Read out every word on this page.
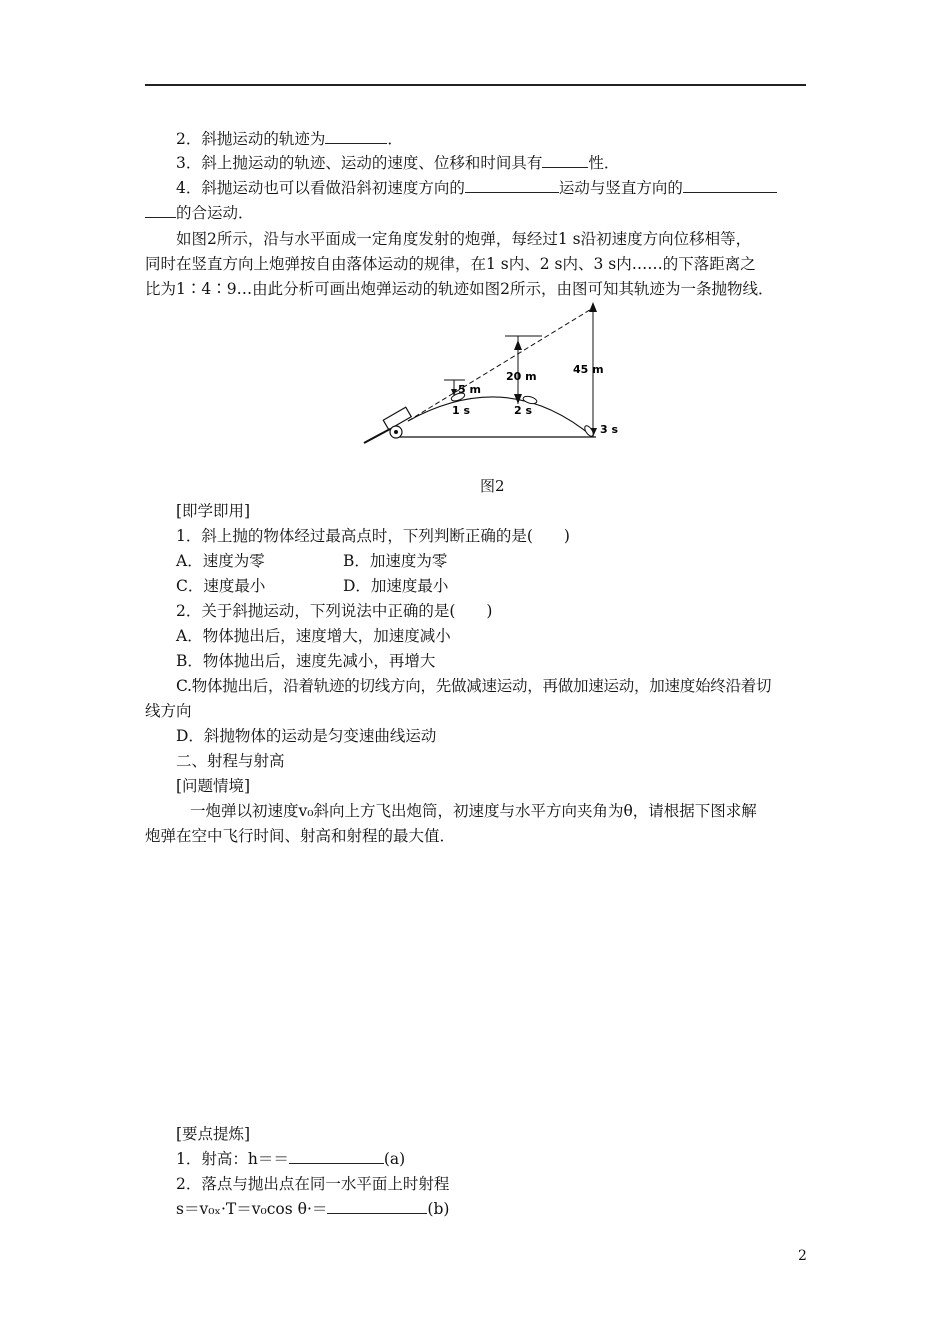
2．斜抛运动的轨迹为	．
3．斜上抛运动的轨迹、运动的速度、位移和时间具有	性．
4．斜抛运动也可以看做沿斜初速度方向的	运动与竖直方向的
的合运动．
如图2所示，沿与水平面成一定角度发射的炮弹，每经过1 s沿初速度方向位移相等，
同时在竖直方向上炮弹按自由落体运动的规律，在1 s内、2 s内、3 s内……的下落距离之
比为1∶4∶9…由此分析可画出炮弹运动的轨迹如图2所示，由图可知其轨迹为一条抛物线．
5 m
20 m
45 m
1 s	2 s
3 s
图2
[即学即用]
1．斜上抛的物体经过最高点时，下列判断正确的是(　　)
A．速度为零	B．加速度为零
C．速度最小	D．加速度最小
2．关于斜抛运动，下列说法中正确的是(　　)
A．物体抛出后，速度增大，加速度减小
B．物体抛出后，速度先减小，再增大
C.物体抛出后，沿着轨迹的切线方向，先做减速运动，再做加速运动，加速度始终沿着切
线方向
D．斜抛物体的运动是匀变速曲线运动
二、射程与射高
[问题情境]
一炮弹以初速度v₀斜向上方飞出炮筒，初速度与水平方向夹角为θ，请根据下图求解
炮弹在空中飞行时间、射高和射程的最大值．
[要点提炼]
1．射高：h＝＝	(a)
2．落点与抛出点在同一水平面上时射程
s＝v₀ₓ·T＝v₀cos θ·＝	(b)
2
